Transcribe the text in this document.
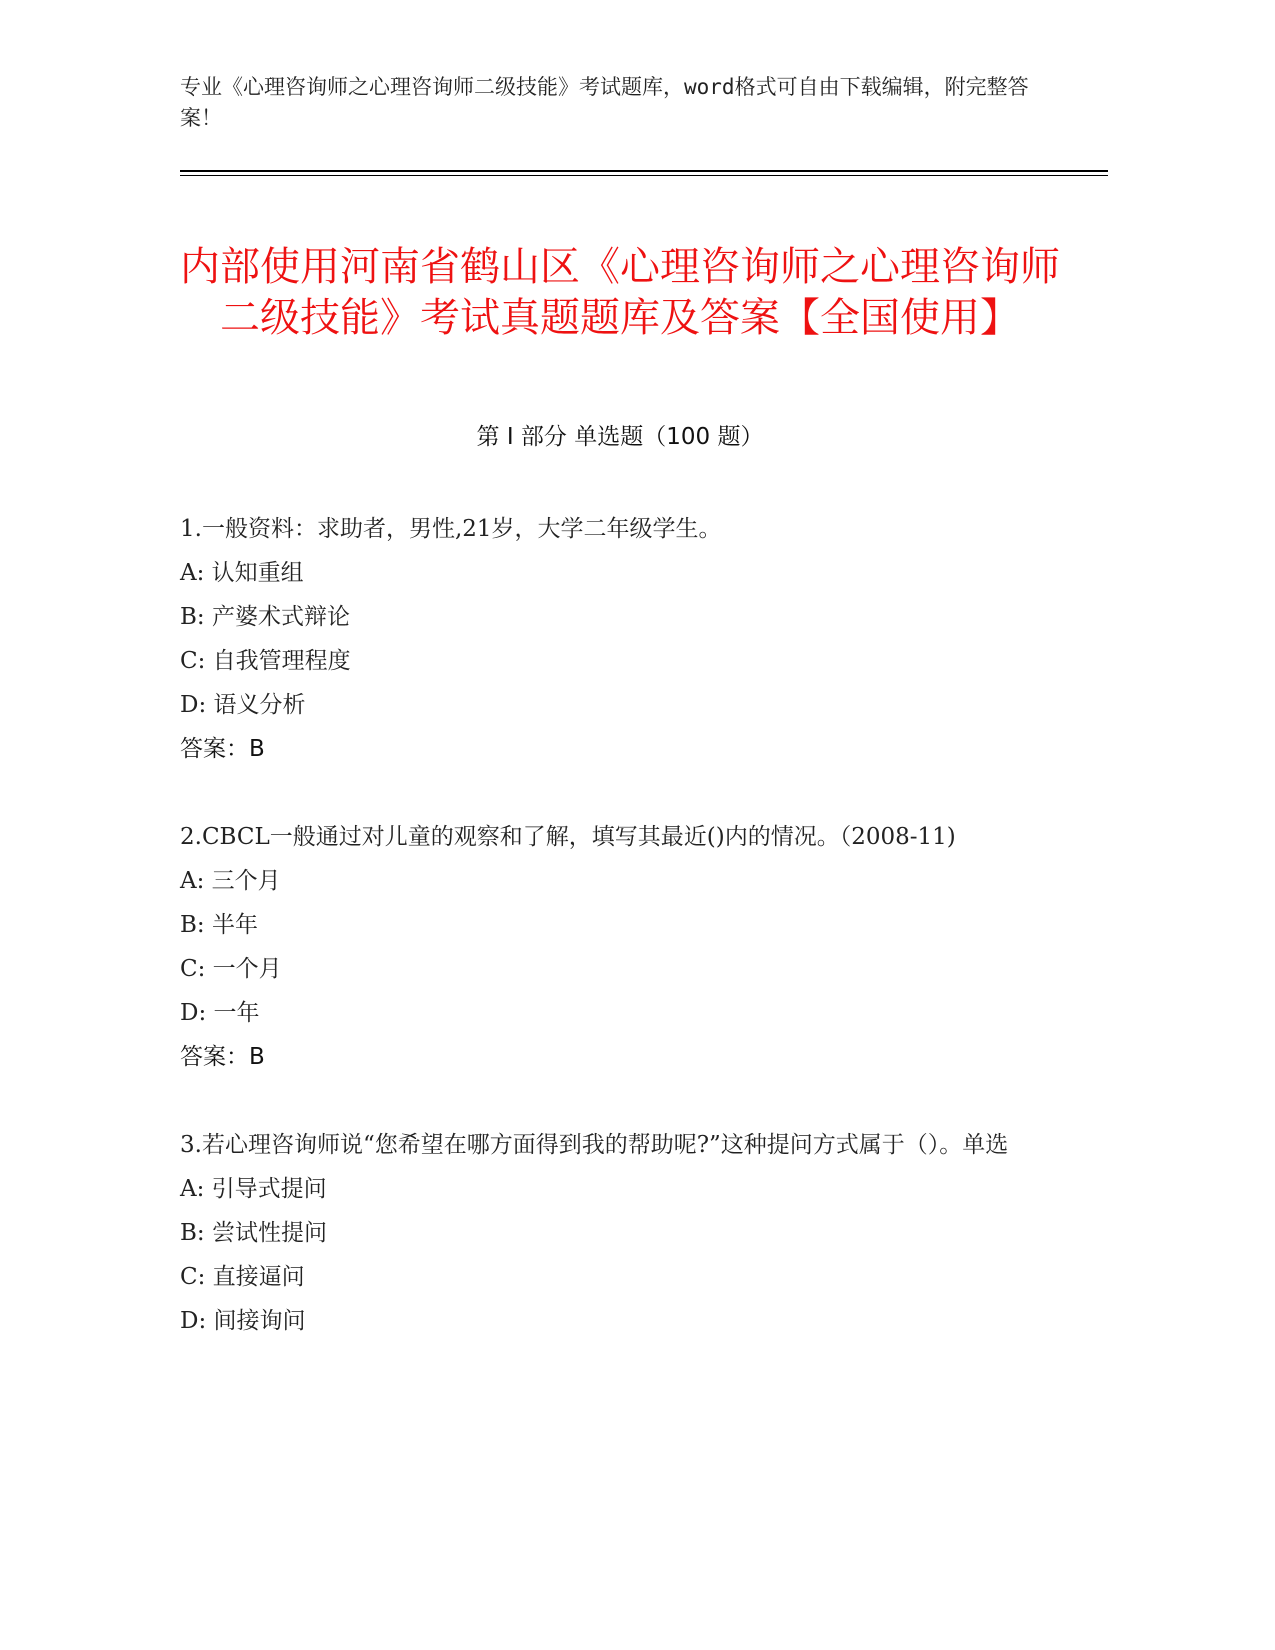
专业《心理咨询师之心理咨询师二级技能》考试题库，word格式可自由下载编辑，附完整答案！
内部使用河南省鹤山区《心理咨询师之心理咨询师二级技能》考试真题题库及答案【全国使用】
第 I 部分 单选题（100 题）

1.一般资料：求助者，男性,21岁，大学二年级学生。

A: 认知重组

B: 产婆术式辩论

C: 自我管理程度

D: 语义分析

答案：B

2.CBCL一般通过对儿童的观察和了解，填写其最近()内的情况。（2008-11)

A: 三个月

B: 半年

C: 一个月

D: 一年

答案：B

3.若心理咨询师说“您希望在哪方面得到我的帮助呢?”这种提问方式属于（）。单选

A: 引导式提问

B: 尝试性提问

C: 直接逼问

D: 间接询问
